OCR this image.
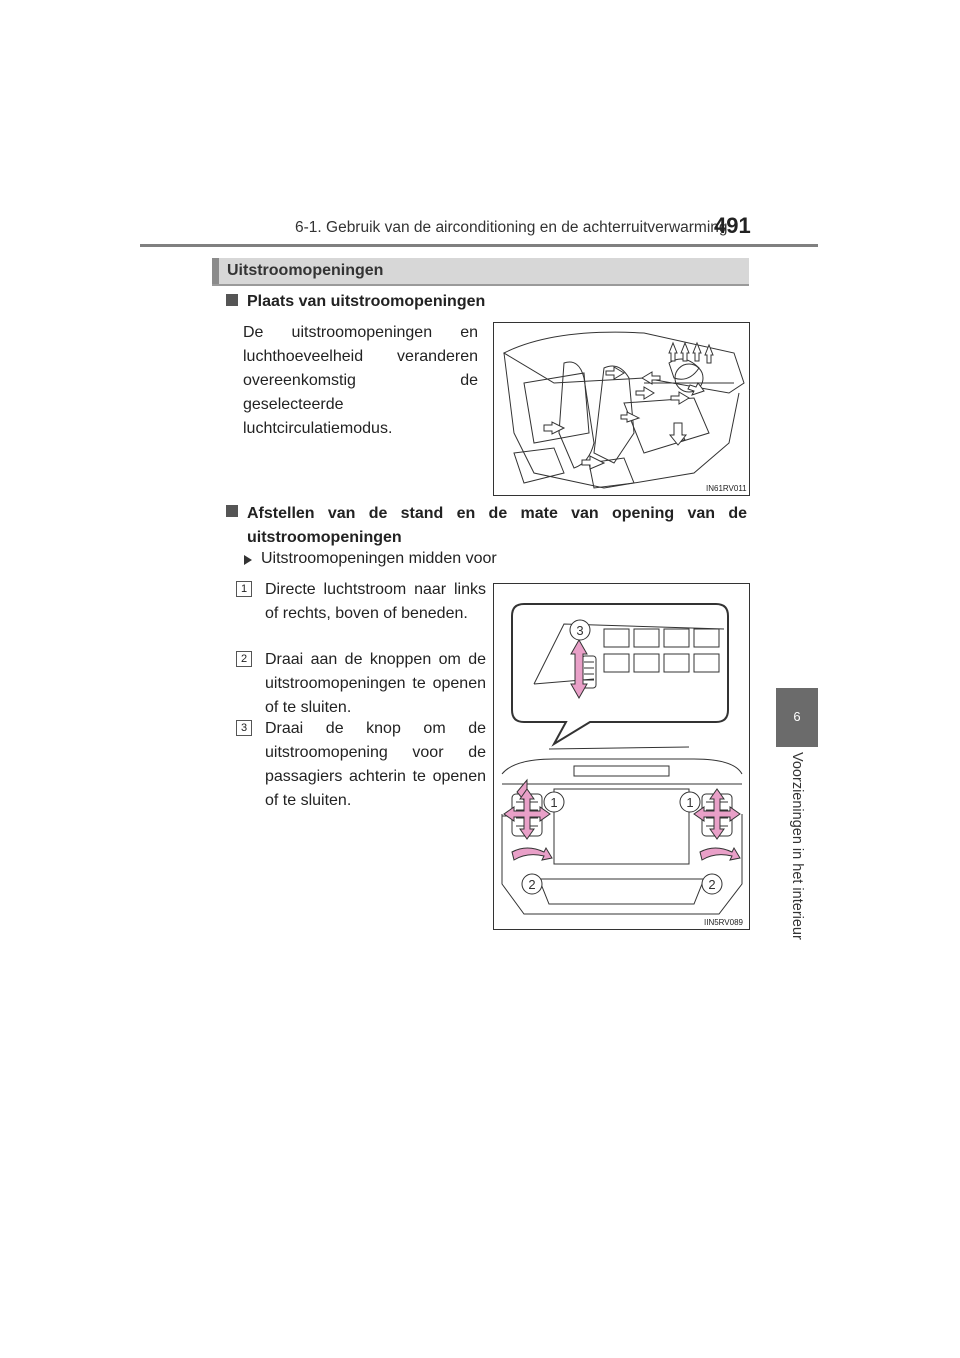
6-1. Gebruik van de airconditioning en de achterruitverwarming
491
6
Voorzieningen in het interieur
Uitstroomopeningen
Plaats van uitstroomopeningen
De uitstroomopeningen en luchthoeveelheid veranderen overeenkomstig de geselecteerde luchtcirculatiemodus.
IN61RV011
Afstellen van de stand en de mate van opening van de uitstroomopeningen
Uitstroomopeningen midden voor
1	Directe luchtstroom naar links of rechts, boven of beneden.
2	Draai aan de knoppen om de uitstroomopeningen te openen of te sluiten.
3	Draai de knop om de uitstroomopening voor de passagiers achterin te openen of te sluiten.
3
1	1
2	2
IIN5RV089
